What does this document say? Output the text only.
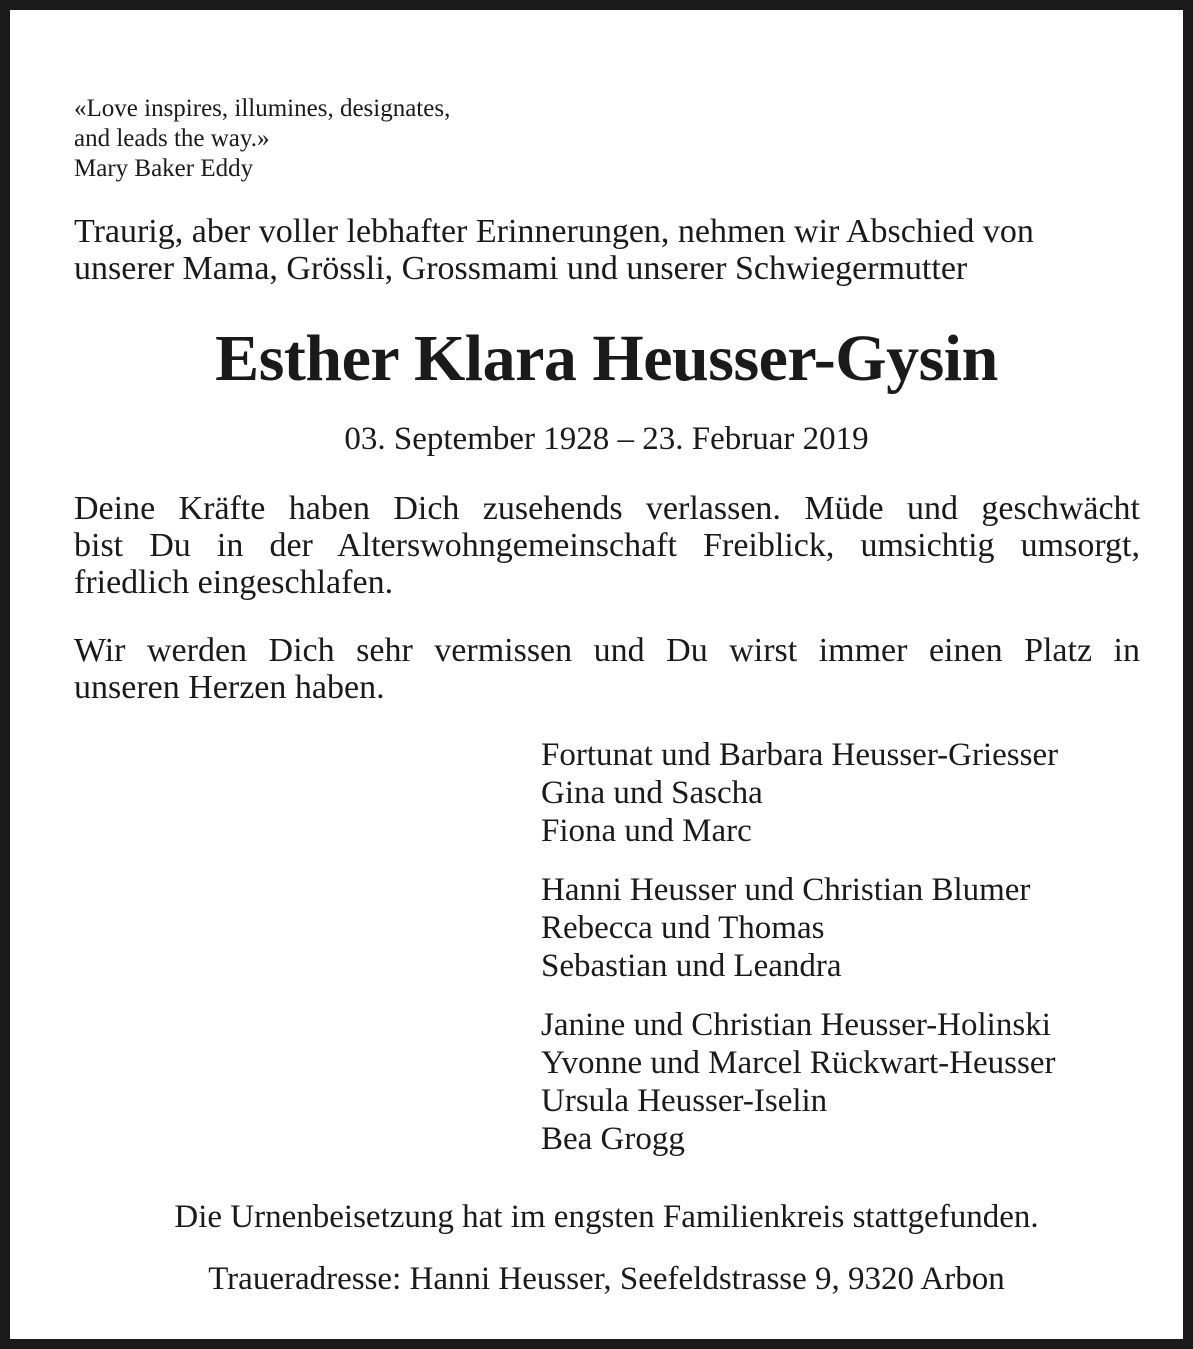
«Love inspires, illumines, designates,
and leads the way.»
Mary Baker Eddy
Traurig, aber voller lebhafter Erinnerungen, nehmen wir Abschied von
unserer Mama, Grössli, Grossmami und unserer Schwiegermutter
Esther Klara Heusser-Gysin
03. September 1928 – 23. Februar 2019
Deine Kräfte haben Dich zusehends verlassen. Müde und geschwächt
bist Du in der Alterswohngemeinschaft Freiblick, umsichtig umsorgt,
friedlich eingeschlafen.
Wir werden Dich sehr vermissen und Du wirst immer einen Platz in
unseren Herzen haben.
Fortunat und Barbara Heusser-Griesser
Gina und Sascha
Fiona und Marc
Hanni Heusser und Christian Blumer
Rebecca und Thomas
Sebastian und Leandra
Janine und Christian Heusser-Holinski
Yvonne und Marcel Rückwart-Heusser
Ursula Heusser-Iselin
Bea Grogg
Die Urnenbeisetzung hat im engsten Familienkreis stattgefunden.
Traueradresse: Hanni Heusser, Seefeldstrasse 9, 9320 Arbon
